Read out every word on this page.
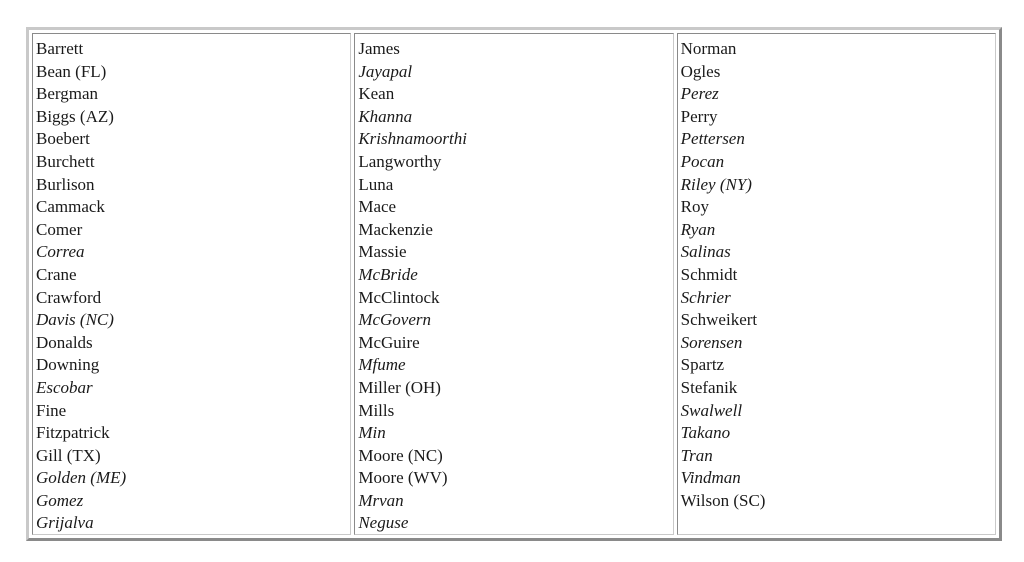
Barrett
Bean (FL)
Bergman
Biggs (AZ)
Boebert
Burchett
Burlison
Cammack
Comer
Correa
Crane
Crawford
Davis (NC)
Donalds
Downing
Escobar
Fine
Fitzpatrick
Gill (TX)
Golden (ME)
Gomez
Grijalva
James
Jayapal
Kean
Khanna
Krishnamoorthi
Langworthy
Luna
Mace
Mackenzie
Massie
McBride
McClintock
McGovern
McGuire
Mfume
Miller (OH)
Mills
Min
Moore (NC)
Moore (WV)
Mrvan
Neguse
Norman
Ogles
Perez
Perry
Pettersen
Pocan
Riley (NY)
Roy
Ryan
Salinas
Schmidt
Schrier
Schweikert
Sorensen
Spartz
Stefanik
Swalwell
Takano
Tran
Vindman
Wilson (SC)
